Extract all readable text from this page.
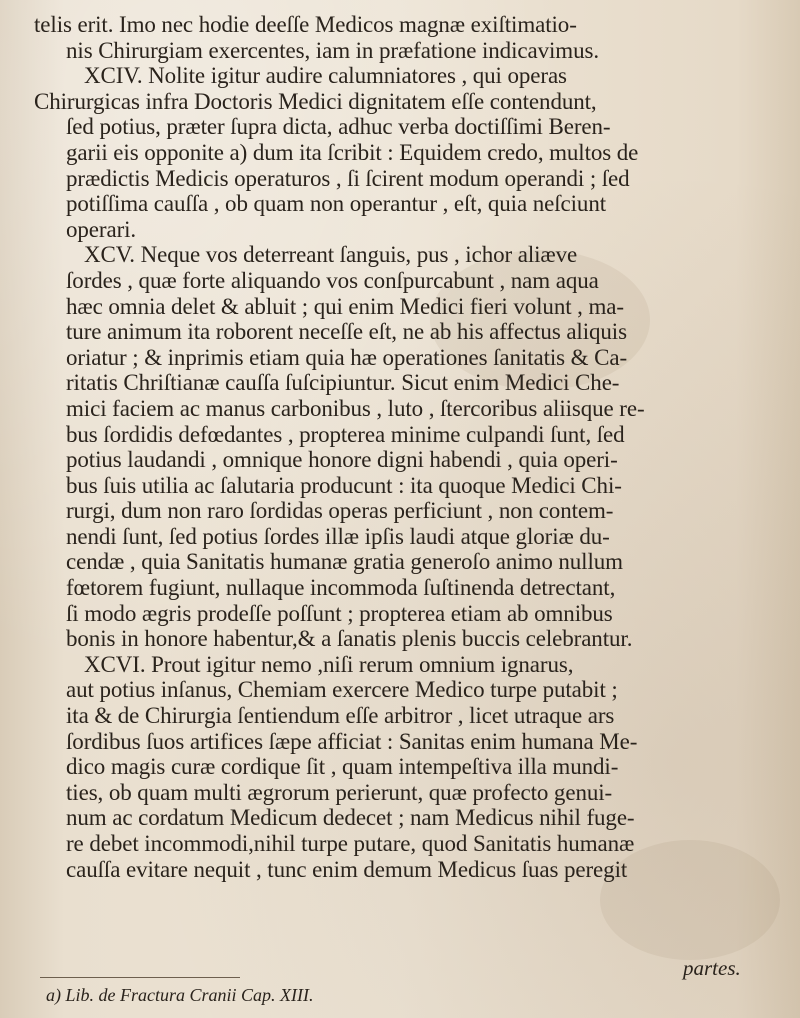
telis erit. Imo nec hodie deeſſe Medicos magnæ exiſtimatio-
nis Chirurgiam exercentes, iam in præfatione indicavimus.
XCIV. Nolite igitur audire calumniatores , qui operas
Chirurgicas infra Doctoris Medici dignitatem eſſe contendunt,
ſed potius, præter ſupra dicta, adhuc verba doctiſſimi Beren-
garii eis opponite a) dum ita ſcribit : Equidem credo, multos de
prædictis Medicis operaturos , ſi ſcirent modum operandi ; ſed
potiſſima cauſſa , ob quam non operantur , eſt, quia neſciunt
operari.
XCV. Neque vos deterreant ſanguis, pus , ichor aliæve
ſordes , quæ forte aliquando vos conſpurcabunt , nam aqua
hæc omnia delet & abluit ; qui enim Medici fieri volunt , ma-
ture animum ita roborent neceſſe eſt, ne ab his affectus aliquis
oriatur ; & inprimis etiam quia hæ operationes ſanitatis & Ca-
ritatis Chriſtianæ cauſſa ſuſcipiuntur. Sicut enim Medici Che-
mici faciem ac manus carbonibus , luto , ſtercoribus aliisque re-
bus ſordidis defœdantes , propterea minime culpandi ſunt, ſed
potius laudandi , omnique honore digni habendi , quia operi-
bus ſuis utilia ac ſalutaria producunt : ita quoque Medici Chi-
rurgi, dum non raro ſordidas operas perficiunt , non contem-
nendi ſunt, ſed potius ſordes illæ ipſis laudi atque gloriæ du-
cendæ , quia Sanitatis humanæ gratia generoſo animo nullum
fœtorem fugiunt, nullaque incommoda ſuſtinenda detrectant,
ſi modo ægris prodeſſe poſſunt ; propterea etiam ab omnibus
bonis in honore habentur,& a ſanatis plenis buccis celebrantur.
XCVI. Prout igitur nemo ,niſi rerum omnium ignarus,
aut potius inſanus, Chemiam exercere Medico turpe putabit ;
ita & de Chirurgia ſentiendum eſſe arbitror , licet utraque ars
ſordibus ſuos artifices ſæpe afficiat : Sanitas enim humana Me-
dico magis curæ cordique ſit , quam intempeſtiva illa mundi-
ties, ob quam multi ægrorum perierunt, quæ profecto genui-
num ac cordatum Medicum dedecet ; nam Medicus nihil fuge-
re debet incommodi,nihil turpe putare, quod Sanitatis humanæ
cauſſa evitare nequit , tunc enim demum Medicus ſuas peregit
partes.
a) Lib. de Fractura Cranii Cap. XIII.
